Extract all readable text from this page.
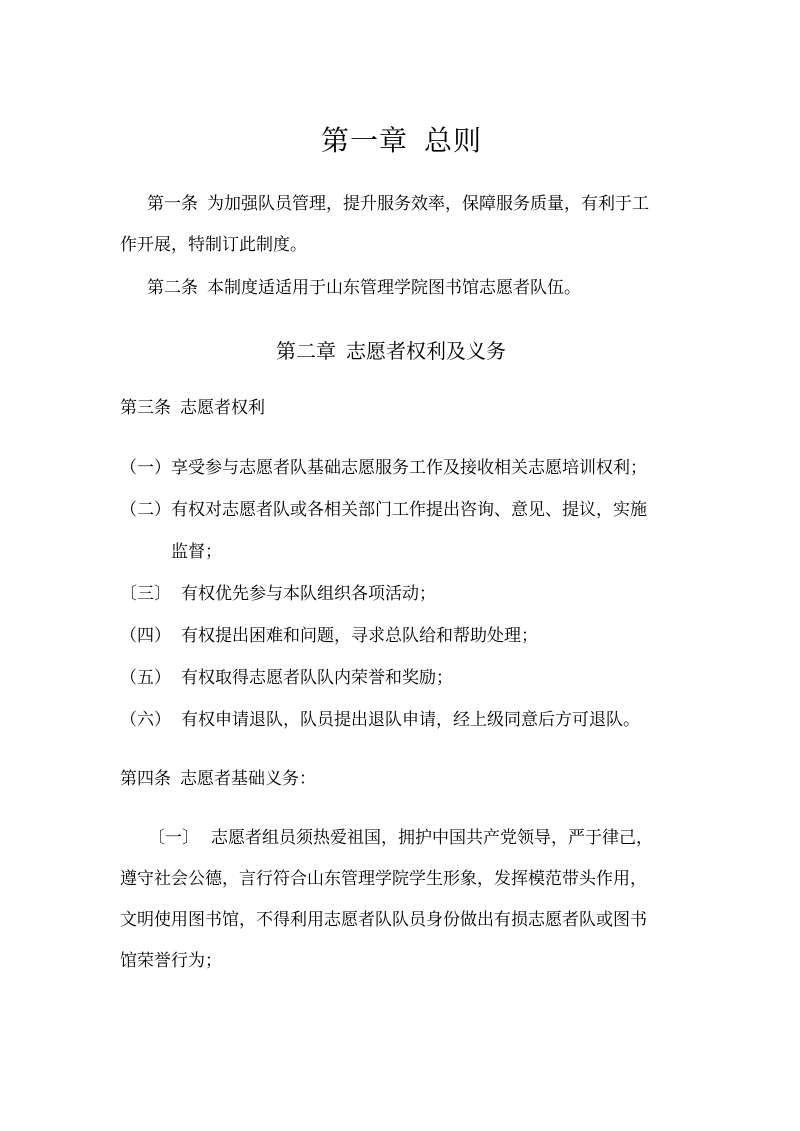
第一章 总则
第一条 为加强队员管理，提升服务效率，保障服务质量，有利于工
作开展，特制订此制度。
第二条 本制度适适用于山东管理学院图书馆志愿者队伍。
第二章 志愿者权利及义务
第三条 志愿者权利
（一）享受参与志愿者队基础志愿服务工作及接收相关志愿培训权利；
（二）有权对志愿者队或各相关部门工作提出咨询、意见、提议，实施
监督；
〔三〕 有权优先参与本队组织各项活动；
（四） 有权提出困难和问题，寻求总队给和帮助处理；
（五） 有权取得志愿者队队内荣誉和奖励；
（六） 有权申请退队，队员提出退队申请，经上级同意后方可退队。
第四条 志愿者基础义务：
〔一〕 志愿者组员须热爱祖国，拥护中国共产党领导，严于律己，
遵守社会公德，言行符合山东管理学院学生形象，发挥模范带头作用，
文明使用图书馆，不得利用志愿者队队员身份做出有损志愿者队或图书
馆荣誉行为；
